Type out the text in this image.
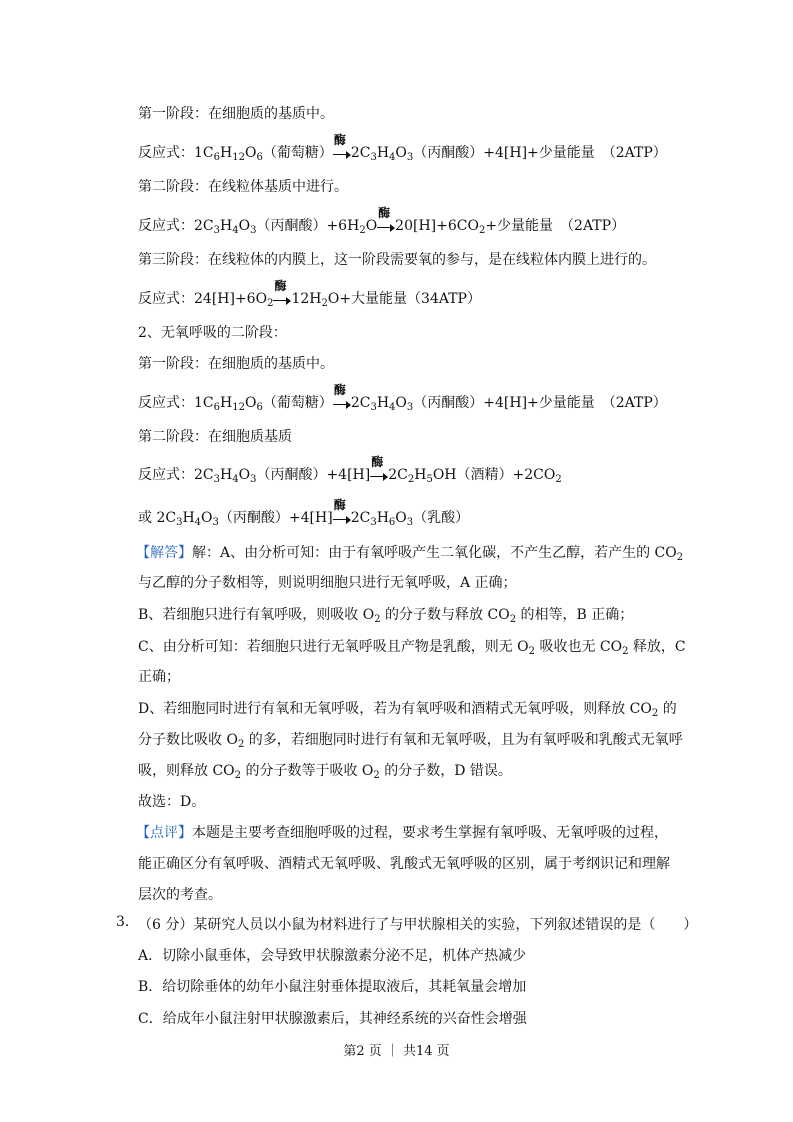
第一阶段：在细胞质的基质中。
反应式：$1C_6H_{12}O_6$（葡萄糖）
酶
$2C_3H_4O_3$（丙酮酸）+4[H]+少量能量　（2ATP）
第二阶段：在线粒体基质中进行。
反应式：$2C_3H_4O_3$（丙酮酸）$+6H_2O$
酶
$20[H]+6CO_2+$少量能量　（2ATP）
第三阶段：在线粒体的内膜上，这一阶段需要氧的参与，是在线粒体内膜上进行的。
反应式：$24[H]+6O_2$
酶
$12H_2O+$大量能量（34ATP）
2、无氧呼吸的二阶段：
第一阶段：在细胞质的基质中。
反应式：$1C_6H_{12}O_6$（葡萄糖）
酶
$2C_3H_4O_3$（丙酮酸）+4[H]+少量能量　（2ATP）
第二阶段：在细胞质基质
反应式：$2C_3H_4O_3$（丙酮酸）+4[H]
酶
$2C_2H_5OH$（酒精）$+2CO_2$
或 $2C_3H_4O_3$（丙酮酸）+4[H]
酶
$2C_3H_6O_3$（乳酸）
【解答】解：A、由分析可知：由于有氧呼吸产生二氧化碳，不产生乙醇，若产生的 $CO_2$
与乙醇的分子数相等，则说明细胞只进行无氧呼吸，A 正确；
B、若细胞只进行有氧呼吸，则吸收 $O_2$ 的分子数与释放 $CO_2$ 的相等，B 正确；
C、由分析可知：若细胞只进行无氧呼吸且产物是乳酸，则无 $O_2$ 吸收也无 $CO_2$ 释放，C
正确；
D、若细胞同时进行有氧和无氧呼吸，若为有氧呼吸和酒精式无氧呼吸，则释放 $CO_2$ 的
分子数比吸收 $O_2$ 的多，若细胞同时进行有氧和无氧呼吸，且为有氧呼吸和乳酸式无氧呼
吸，则释放 $CO_2$ 的分子数等于吸收 $O_2$ 的分子数，D 错误。
故选：D。
【点评】本题是主要考查细胞呼吸的过程，要求考生掌握有氧呼吸、无氧呼吸的过程，
能正确区分有氧呼吸、酒精式无氧呼吸、乳酸式无氧呼吸的区别，属于考纲识记和理解
层次的考查。
3. （6 分）某研究人员以小鼠为材料进行了与甲状腺相关的实验，下列叙述错误的是（　　）
A．切除小鼠垂体，会导致甲状腺激素分泌不足，机体产热减少
B．给切除垂体的幼年小鼠注射垂体提取液后，其耗氧量会增加
C．给成年小鼠注射甲状腺激素后，其神经系统的兴奋性会增强
第2 页 ｜ 共14 页
